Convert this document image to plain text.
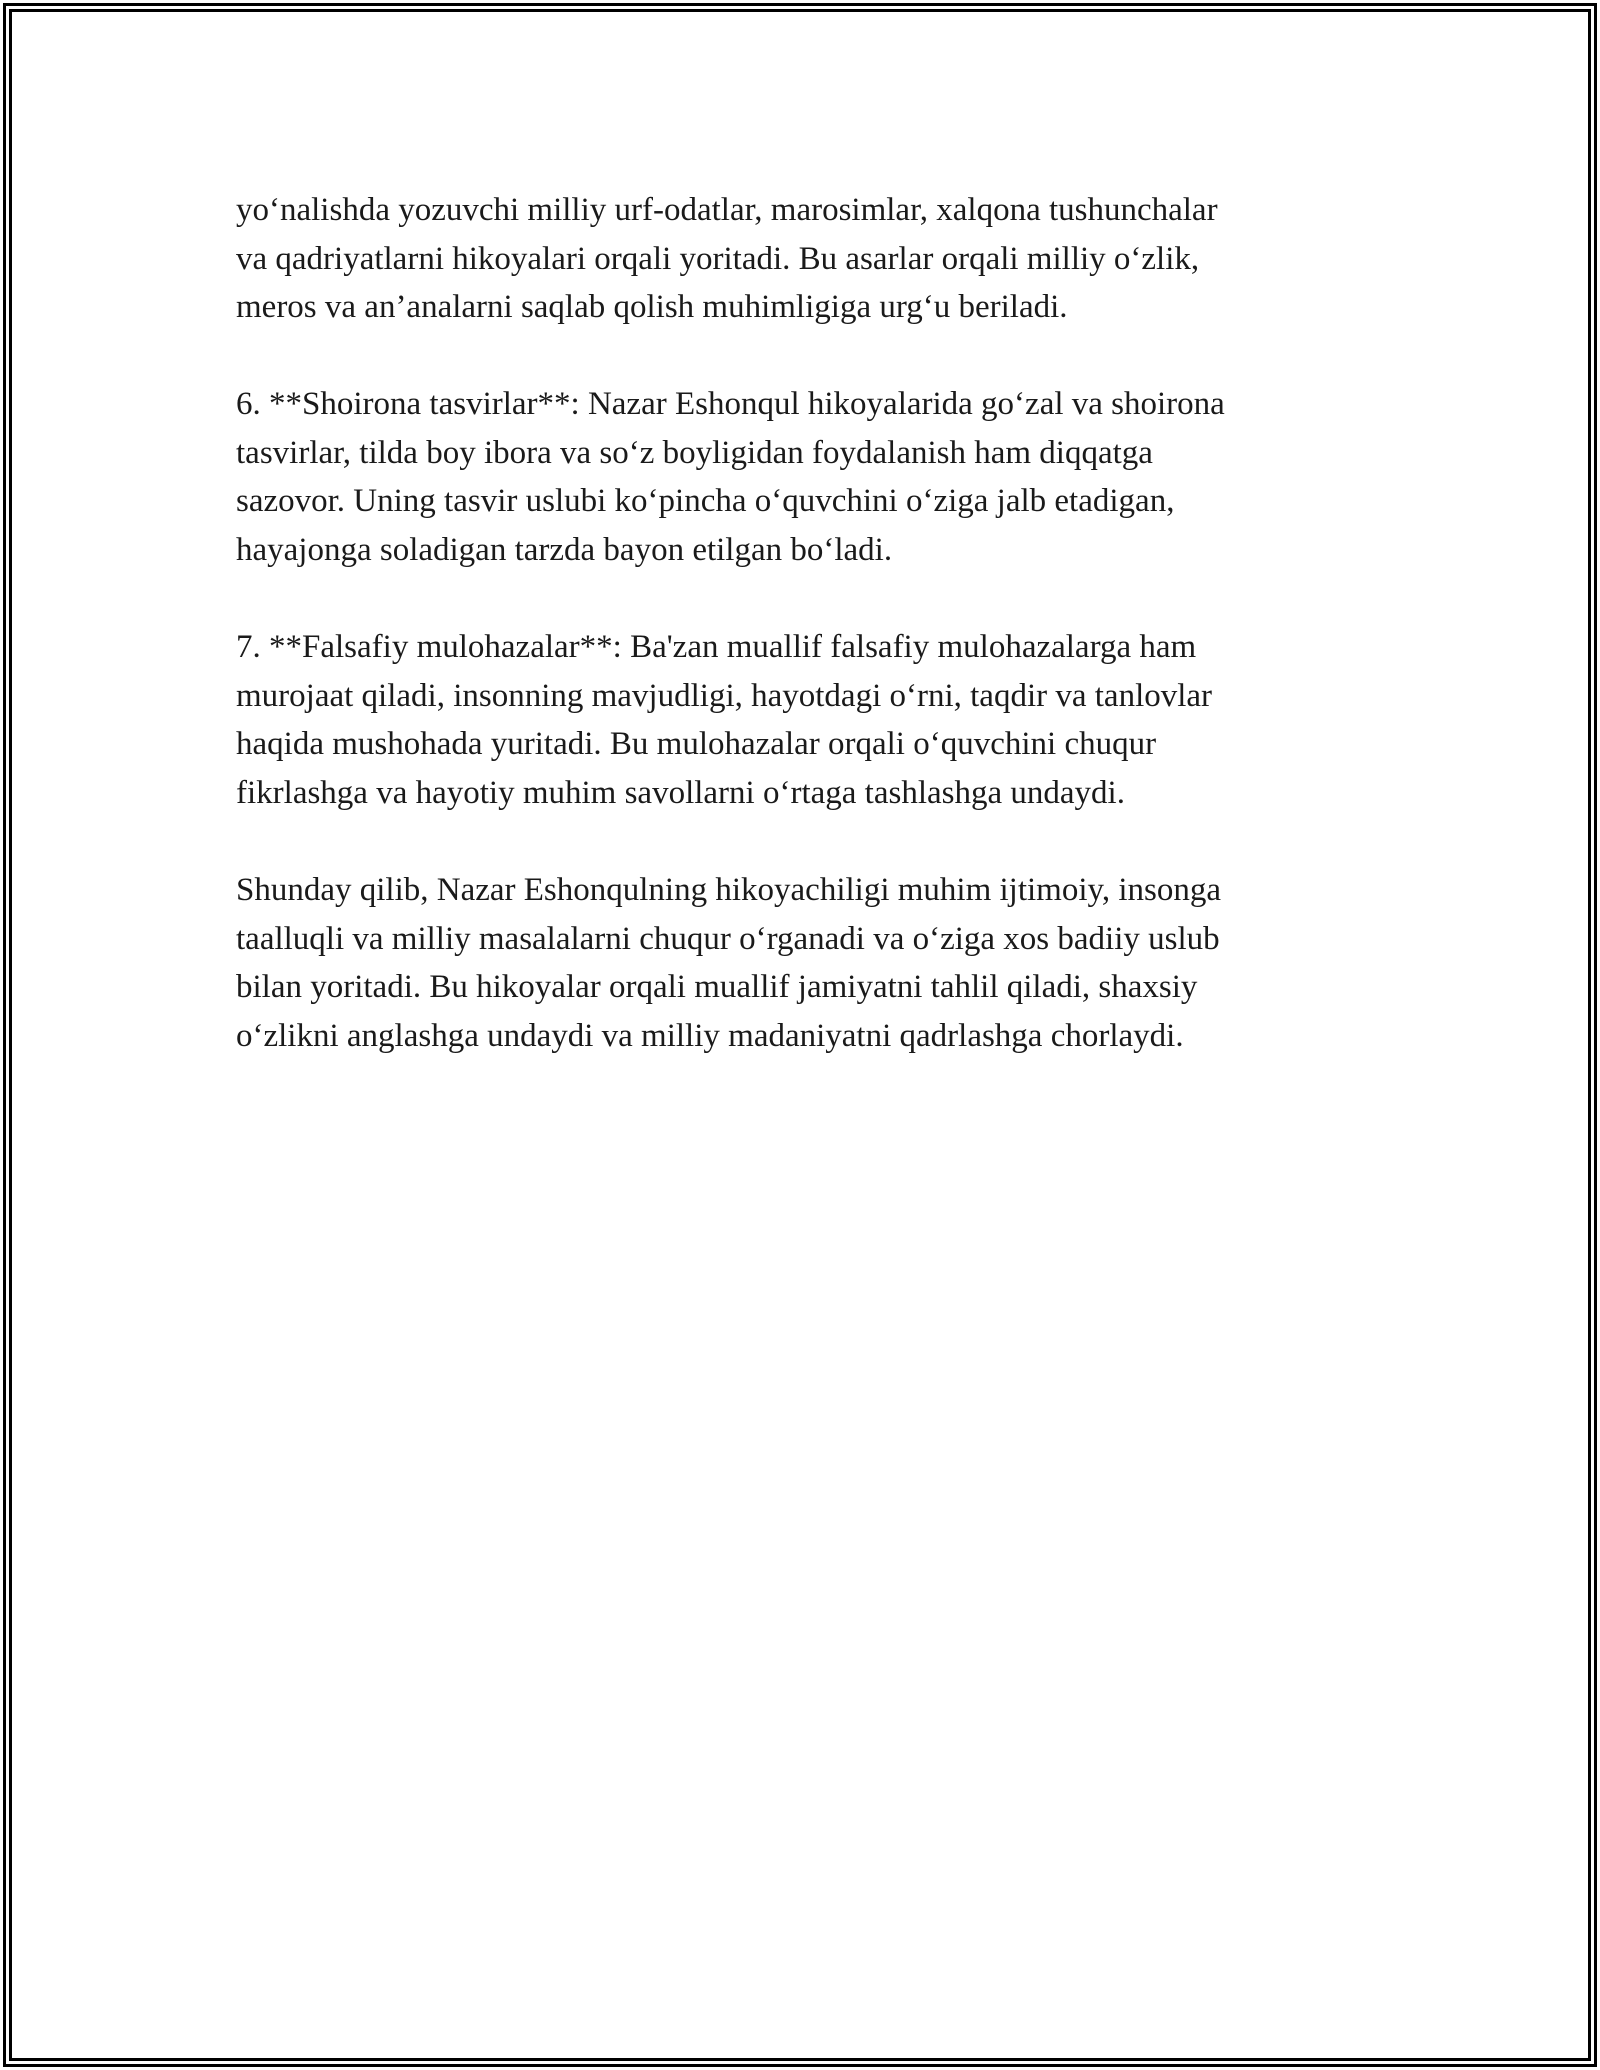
yo‘nalishda yozuvchi milliy urf-odatlar, marosimlar, xalqona tushunchalar
va qadriyatlarni hikoyalari orqali yoritadi. Bu asarlar orqali milliy o‘zlik,
meros va an’analarni saqlab qolish muhimligiga urg‘u beriladi.

6. **Shoirona tasvirlar**: Nazar Eshonqul hikoyalarida go‘zal va shoirona
tasvirlar, tilda boy ibora va so‘z boyligidan foydalanish ham diqqatga
sazovor. Uning tasvir uslubi ko‘pincha o‘quvchini o‘ziga jalb etadigan,
hayajonga soladigan tarzda bayon etilgan bo‘ladi.

7. **Falsafiy mulohazalar**: Ba'zan muallif falsafiy mulohazalarga ham
murojaat qiladi, insonning mavjudligi, hayotdagi o‘rni, taqdir va tanlovlar
haqida mushohada yuritadi. Bu mulohazalar orqali o‘quvchini chuqur
fikrlashga va hayotiy muhim savollarni o‘rtaga tashlashga undaydi.

Shunday qilib, Nazar Eshonqulning hikoyachiligi muhim ijtimoiy, insonga
taalluqli va milliy masalalarni chuqur o‘rganadi va o‘ziga xos badiiy uslub
bilan yoritadi. Bu hikoyalar orqali muallif jamiyatni tahlil qiladi, shaxsiy
o‘zlikni anglashga undaydi va milliy madaniyatni qadrlashga chorlaydi.
